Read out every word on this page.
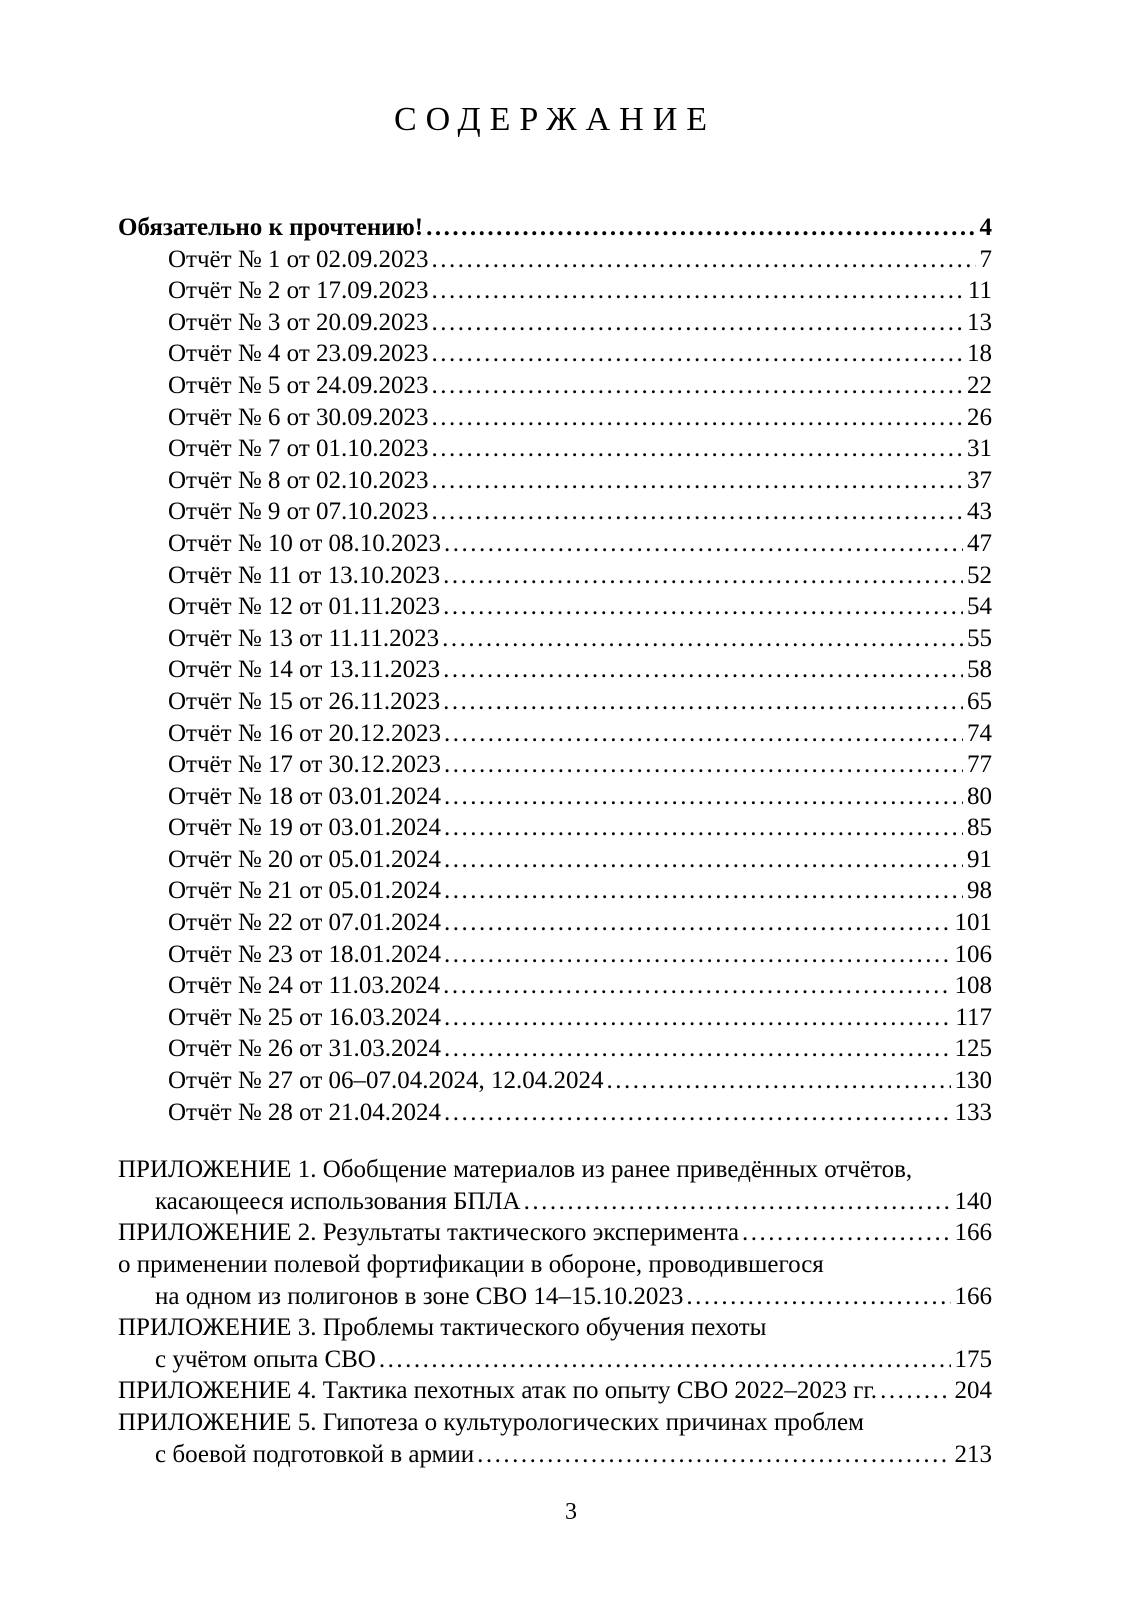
СОДЕРЖАНИЕ
Обязательно к прочтению! .....	4
Отчёт № 1 от 02.09.2023 .....	7
Отчёт № 2 от 17.09.2023 .....	11
Отчёт № 3 от 20.09.2023 .....	13
Отчёт № 4 от 23.09.2023 .....	18
Отчёт № 5 от 24.09.2023 .....	22
Отчёт № 6 от 30.09.2023 .....	26
Отчёт № 7 от 01.10.2023 .....	31
Отчёт № 8 от 02.10.2023 .....	37
Отчёт № 9 от 07.10.2023 .....	43
Отчёт № 10 от 08.10.2023 .....	47
Отчёт № 11 от 13.10.2023 .....	52
Отчёт № 12 от 01.11.2023 .....	54
Отчёт № 13 от 11.11.2023 .....	55
Отчёт № 14 от 13.11.2023 .....	58
Отчёт № 15 от 26.11.2023 .....	65
Отчёт № 16 от 20.12.2023 .....	74
Отчёт № 17 от 30.12.2023 .....	77
Отчёт № 18 от 03.01.2024 .....	80
Отчёт № 19 от 03.01.2024 .....	85
Отчёт № 20 от 05.01.2024 .....	91
Отчёт № 21 от 05.01.2024 .....	98
Отчёт № 22 от 07.01.2024 .....	101
Отчёт № 23 от 18.01.2024 .....	106
Отчёт № 24 от 11.03.2024 .....	108
Отчёт № 25 от 16.03.2024 .....	117
Отчёт № 26 от 31.03.2024 .....	125
Отчёт № 27 от 06–07.04.2024, 12.04.2024 .....	130
Отчёт № 28 от 21.04.2024 .....	133
ПРИЛОЖЕНИЕ 1. Обобщение материалов из ранее приведённых отчётов,
касающееся использования БПЛА .....	140
ПРИЛОЖЕНИЕ 2. Результаты тактического эксперимента .....	166
о применении полевой фортификации в обороне, проводившегося
на одном из полигонов в зоне СВО 14–15.10.2023 .....	166
ПРИЛОЖЕНИЕ 3. Проблемы тактического обучения пехоты
с учётом опыта СВО .....	175
ПРИЛОЖЕНИЕ 4. Тактика пехотных атак по опыту СВО 2022–2023 гг. .....	204
ПРИЛОЖЕНИЕ 5. Гипотеза о культурологических причинах проблем
с боевой подготовкой в армии .....	213
3
